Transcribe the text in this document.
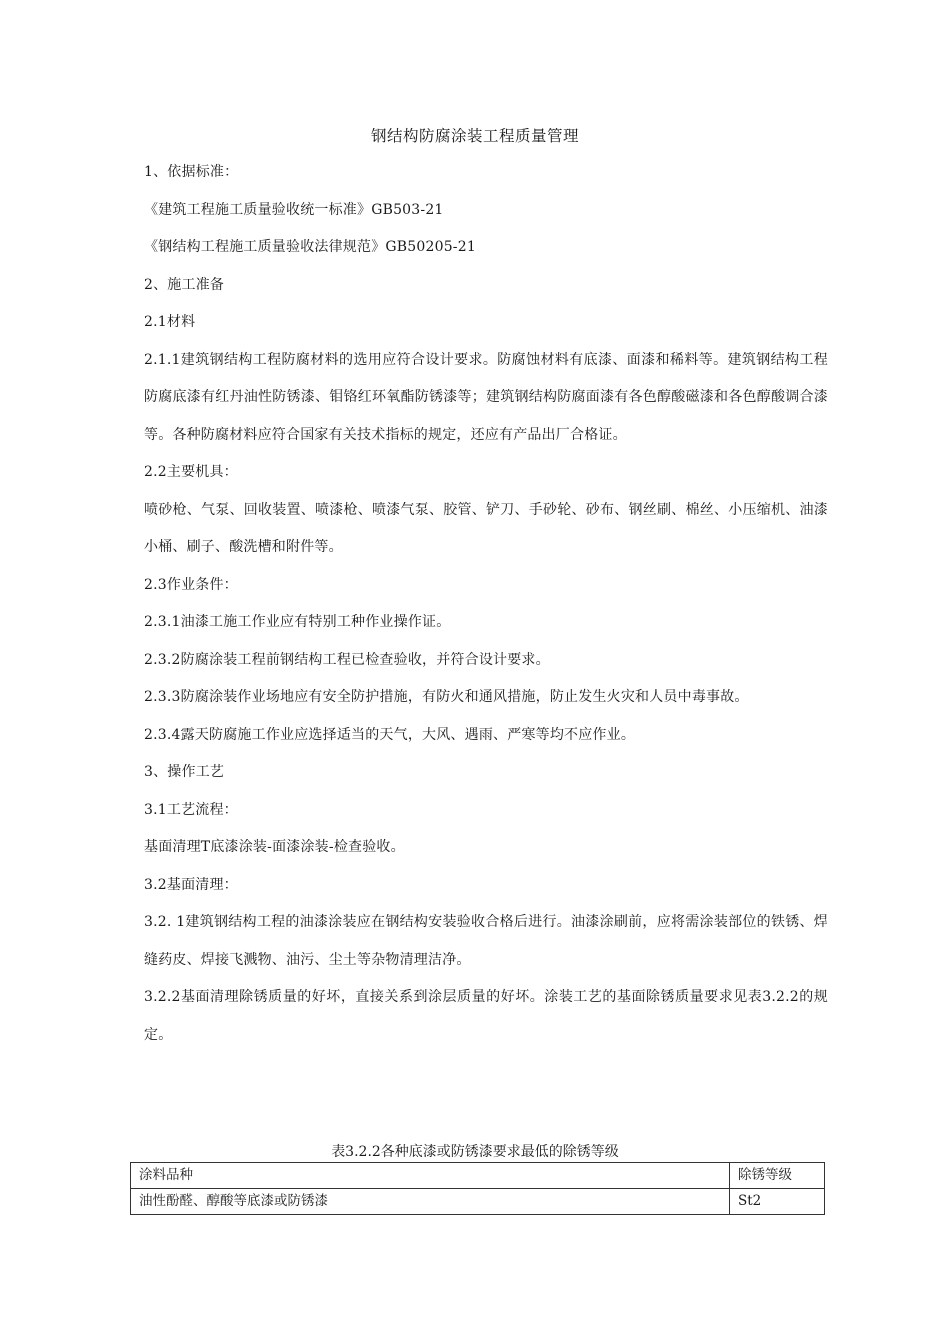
钢结构防腐涂装工程质量管理

1、依据标准：

《建筑工程施工质量验收统一标准》GB503-21

《钢结构工程施工质量验收法律规范》GB50205-21

2、施工准备

2.1材料

2.1.1建筑钢结构工程防腐材料的选用应符合设计要求。防腐蚀材料有底漆、面漆和稀料等。建筑钢结构工程防腐底漆有红丹油性防锈漆、钼铬红环氧酯防锈漆等；建筑钢结构防腐面漆有各色醇酸磁漆和各色醇酸调合漆等。各种防腐材料应符合国家有关技术指标的规定，还应有产品出厂合格证。

2.2主要机具：

喷砂枪、气泵、回收装置、喷漆枪、喷漆气泵、胶管、铲刀、手砂轮、砂布、钢丝刷、棉丝、小压缩机、油漆小桶、刷子、酸洗槽和附件等。

2.3作业条件：

2.3.1油漆工施工作业应有特别工种作业操作证。

2.3.2防腐涂装工程前钢结构工程已检查验收，并符合设计要求。

2.3.3防腐涂装作业场地应有安全防护措施，有防火和通风措施，防止发生火灾和人员中毒事故。

2.3.4露天防腐施工作业应选择适当的天气，大风、遇雨、严寒等均不应作业。

3、操作工艺

3.1工艺流程：

基面清理T底漆涂装-面漆涂装-检查验收。

3.2基面清理：

3.2. 1建筑钢结构工程的油漆涂装应在钢结构安装验收合格后进行。油漆涂刷前，应将需涂装部位的铁锈、焊缝药皮、焊接飞溅物、油污、尘土等杂物清理洁净。

3.2.2基面清理除锈质量的好坏，直接关系到涂层质量的好坏。涂装工艺的基面除锈质量要求见表3.2.2的规定。

表3.2.2各种底漆或防锈漆要求最低的除锈等级
涂料品种	除锈等级
油性酚醛、醇酸等底漆或防锈漆	St2
